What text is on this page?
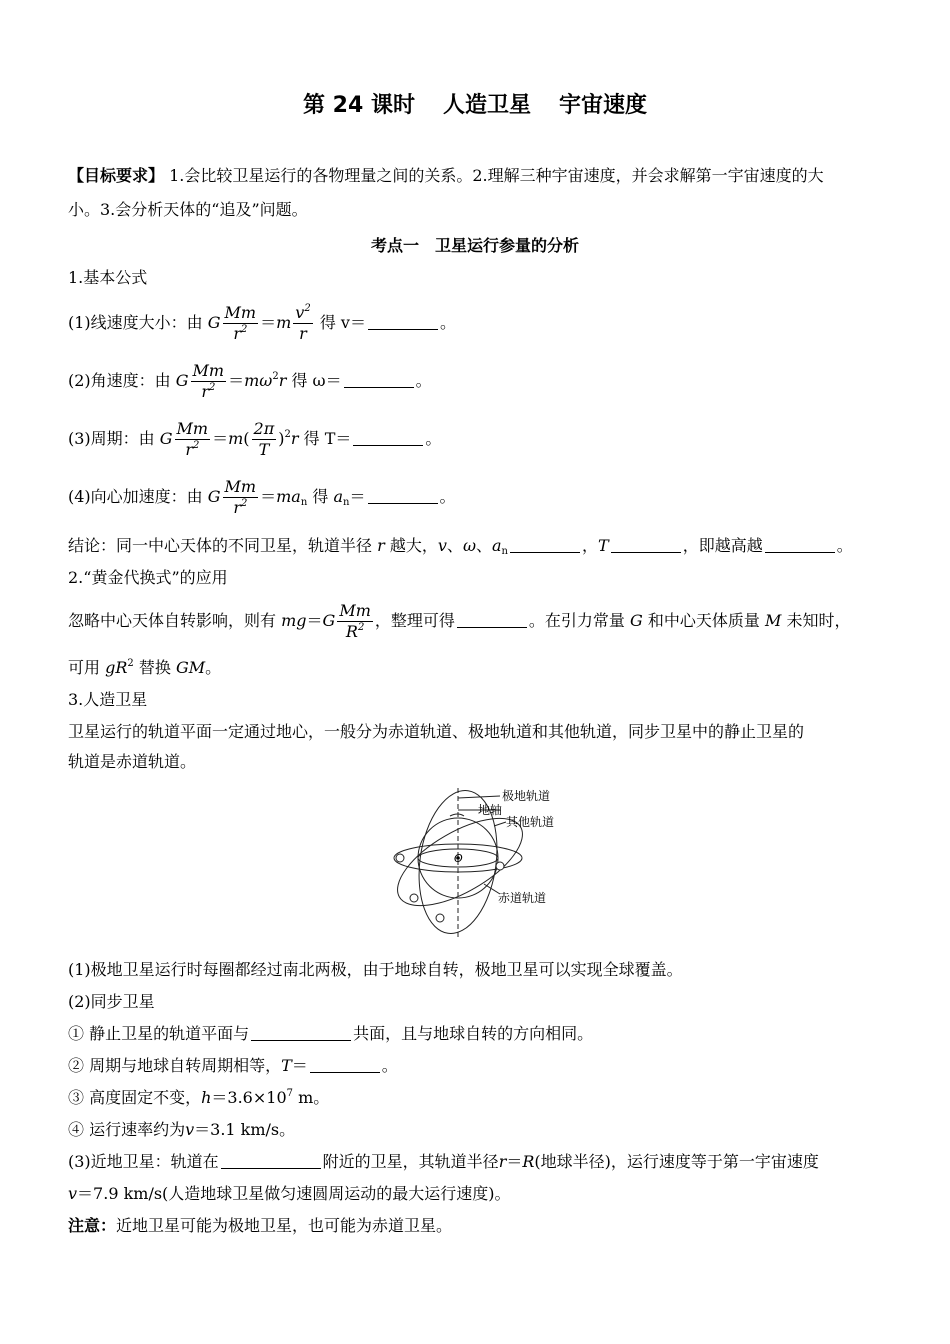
第 24 课时 人造卫星 宇宙速度
【目标要求】 1.会比较卫星运行的各物理量之间的关系。2.理解三种宇宙速度，并会求解第一宇宙速度的大
小。3.会分析天体的“追及”问题。
考点一　卫星运行参量的分析
1.基本公式
(1)线速度大小：由 G $\frac{Mm}{r^2} =m \frac{v^2}{r}$ 得 v＝	。
(2)角速度：由 G $\frac{Mm}{r^2} =m\omega^2r$ 得 ω＝	。
(3)周期：由 G $\frac{Mm}{r^2} =m( \frac{2\pi}{T} )^2r$ 得 T＝	。
(4)向心加速度：由 G $\frac{Mm}{r^2} =ma_n$ 得 $a_n=$	。
结论：同一中心天体的不同卫星，轨道半径 r 越大，v、ω、$a_n$	，T	，即越高越	。
2.“黄金代换式”的应用
忽略中心天体自转影响，则有 $mg=G \frac{Mm}{R^2}$ ，整理可得	。在引力常量 G 和中心天体质量 M 未知时，
可用 $gR^2$ 替换 GM。
3.人造卫星
卫星运行的轨道平面一定通过地心，一般分为赤道轨道、极地轨道和其他轨道，同步卫星中的静止卫星的
轨道是赤道轨道。
极地轨道
地轴
其他轨道
赤道轨道
O
(1)极地卫星运行时每圈都经过南北两极，由于地球自转，极地卫星可以实现全球覆盖。
(2)同步卫星
① 静止卫星的轨道平面与	共面，且与地球自转的方向相同。
② 周期与地球自转周期相等，T＝	。
③ 高度固定不变，$h=3.6\times 10^7$ m。
④ 运行速率约为v＝3.1 km/s。
(3)近地卫星：轨道在	附近的卫星，其轨道半径r＝R(地球半径)，运行速度等于第一宇宙速度
v＝7.9 km/s(人造地球卫星做匀速圆周运动的最大运行速度)。
注意：近地卫星可能为极地卫星，也可能为赤道卫星。
